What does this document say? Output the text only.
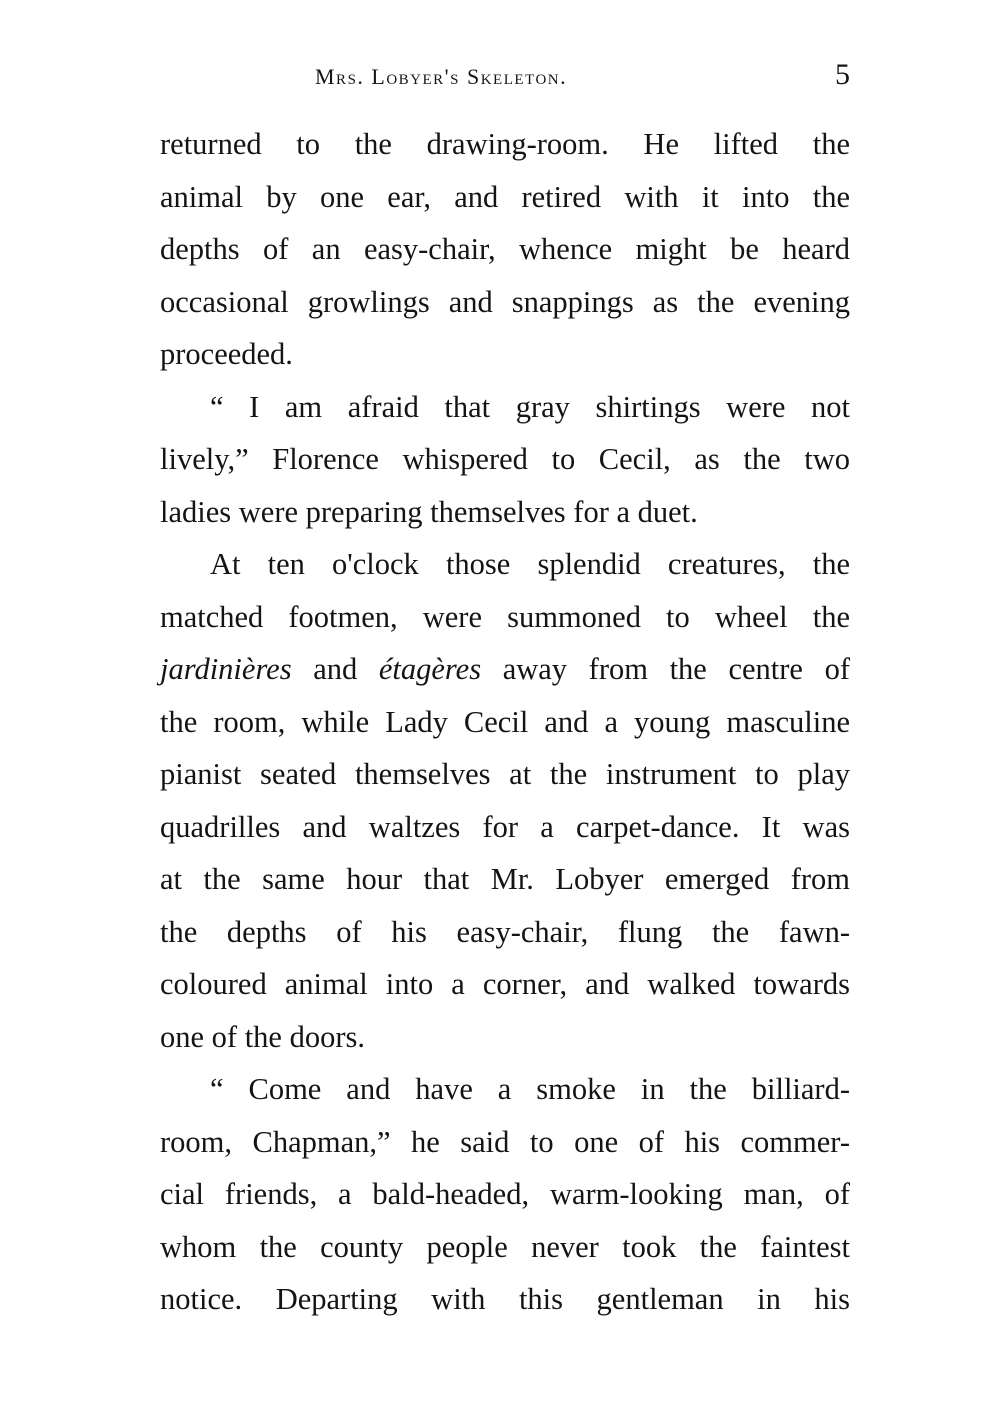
Mrs. Lobyer's Skeleton.	5
returned to the drawing-room. He lifted the
animal by one ear, and retired with it into the
depths of an easy-chair, whence might be heard
occasional growlings and snappings as the evening
proceeded.
“ I am afraid that gray shirtings were not
lively,” Florence whispered to Cecil, as the two
ladies were preparing themselves for a duet.
At ten o'clock those splendid creatures, the
matched footmen, were summoned to wheel the
jardinières and étagères away from the centre of
the room, while Lady Cecil and a young masculine
pianist seated themselves at the instrument to play
quadrilles and waltzes for a carpet-dance. It was
at the same hour that Mr. Lobyer emerged from
the depths of his easy-chair, flung the fawn-
coloured animal into a corner, and walked towards
one of the doors.
“ Come and have a smoke in the billiard-
room, Chapman,” he said to one of his commer-
cial friends, a bald-headed, warm-looking man, of
whom the county people never took the faintest
notice. Departing with this gentleman in his
